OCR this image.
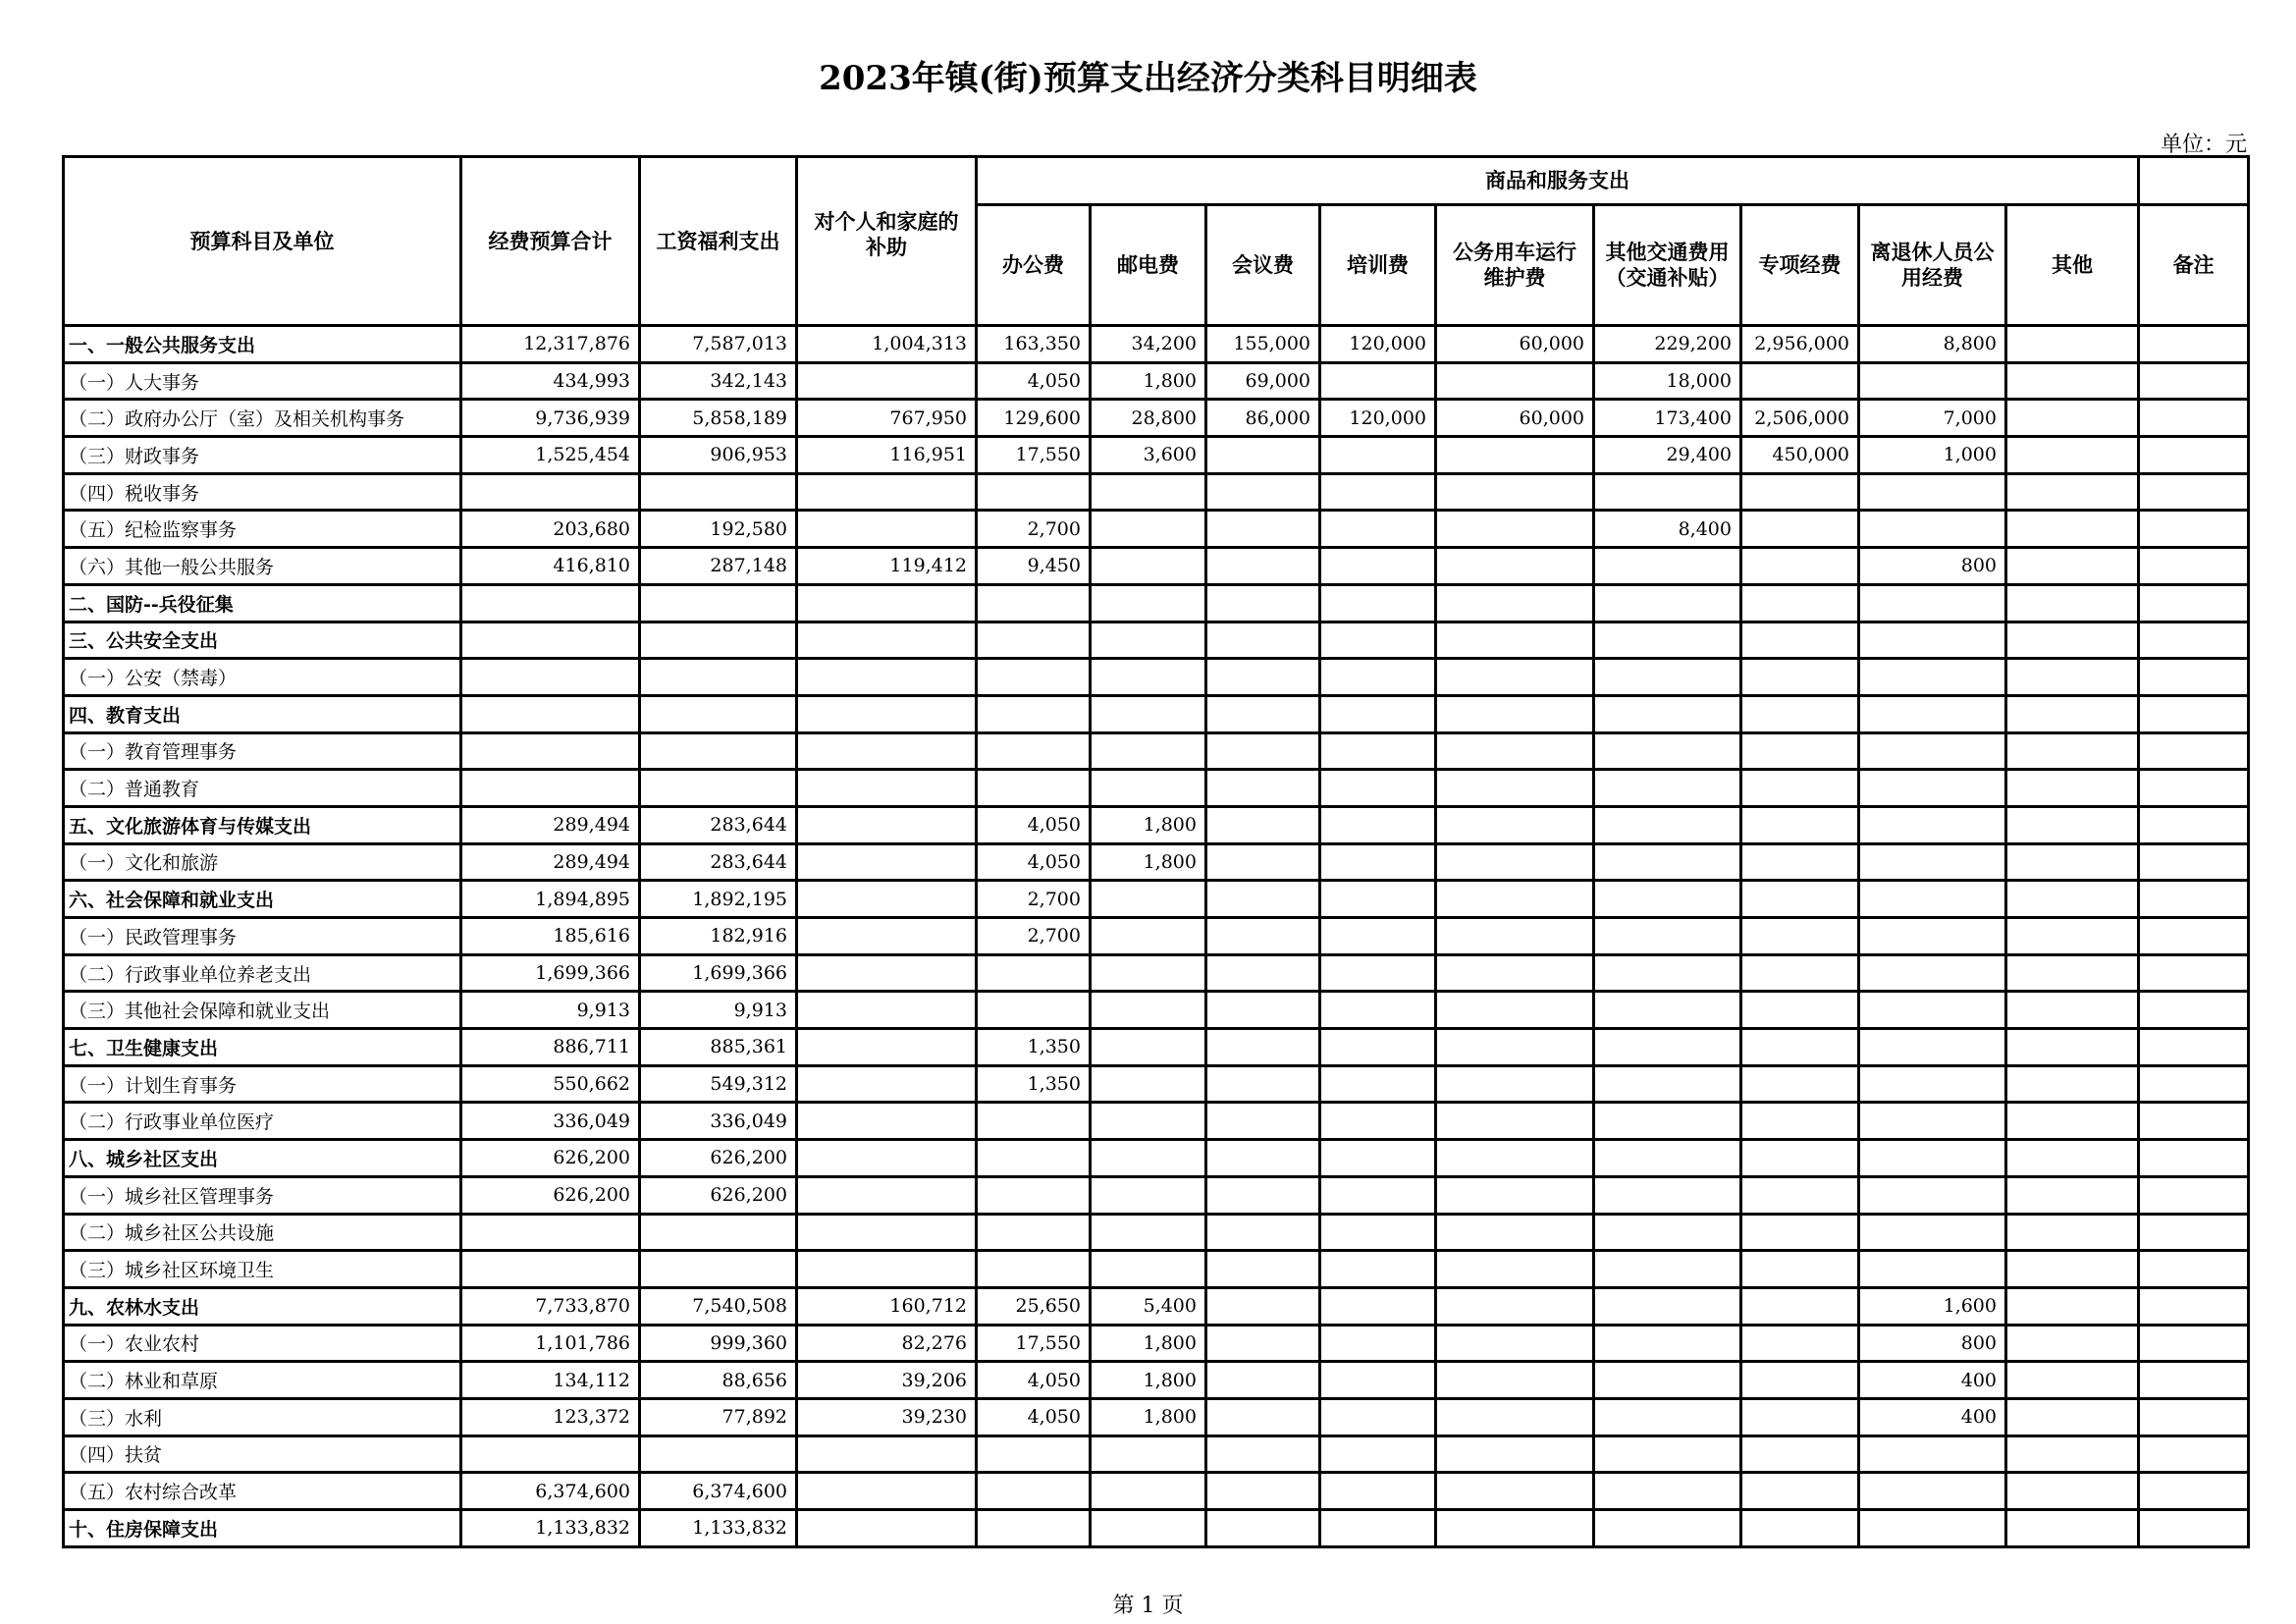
2023年镇(街)预算支出经济分类科目明细表
单位：元
预算科目及单位	经费预算合计	工资福利支出	对个人和家庭的补助	商品和服务支出									
				办公费	邮电费	会议费	培训费	公务用车运行维护费	其他交通费用（交通补贴）	专项经费	离退休人员公用经费	其他	备注
一、一般公共服务支出	12,317,876	7,587,013	1,004,313	163,350	34,200	155,000	120,000	60,000	229,200	2,956,000	8,800		
（一）人大事务	434,993	342,143		4,050	1,800	69,000			18,000				
（二）政府办公厅（室）及相关机构事务	9,736,939	5,858,189	767,950	129,600	28,800	86,000	120,000	60,000	173,400	2,506,000	7,000		
（三）财政事务	1,525,454	906,953	116,951	17,550	3,600				29,400	450,000	1,000		
（四）税收事务													
（五）纪检监察事务	203,680	192,580		2,700					8,400				
（六）其他一般公共服务	416,810	287,148	119,412	9,450							800		
二、国防--兵役征集													
三、公共安全支出													
（一）公安（禁毒）													
四、教育支出													
（一）教育管理事务													
（二）普通教育													
五、文化旅游体育与传媒支出	289,494	283,644		4,050	1,800								
（一）文化和旅游	289,494	283,644		4,050	1,800								
六、社会保障和就业支出	1,894,895	1,892,195		2,700									
（一）民政管理事务	185,616	182,916		2,700									
（二）行政事业单位养老支出	1,699,366	1,699,366											
（三）其他社会保障和就业支出	9,913	9,913											
七、卫生健康支出	886,711	885,361		1,350									
（一）计划生育事务	550,662	549,312		1,350									
（二）行政事业单位医疗	336,049	336,049											
八、城乡社区支出	626,200	626,200											
（一）城乡社区管理事务	626,200	626,200											
（二）城乡社区公共设施													
（三）城乡社区环境卫生													
九、农林水支出	7,733,870	7,540,508	160,712	25,650	5,400						1,600		
（一）农业农村	1,101,786	999,360	82,276	17,550	1,800						800		
（二）林业和草原	134,112	88,656	39,206	4,050	1,800						400		
（三）水利	123,372	77,892	39,230	4,050	1,800						400		
（四）扶贫													
（五）农村综合改革	6,374,600	6,374,600											
十、住房保障支出	1,133,832	1,133,832											
第 1 页
